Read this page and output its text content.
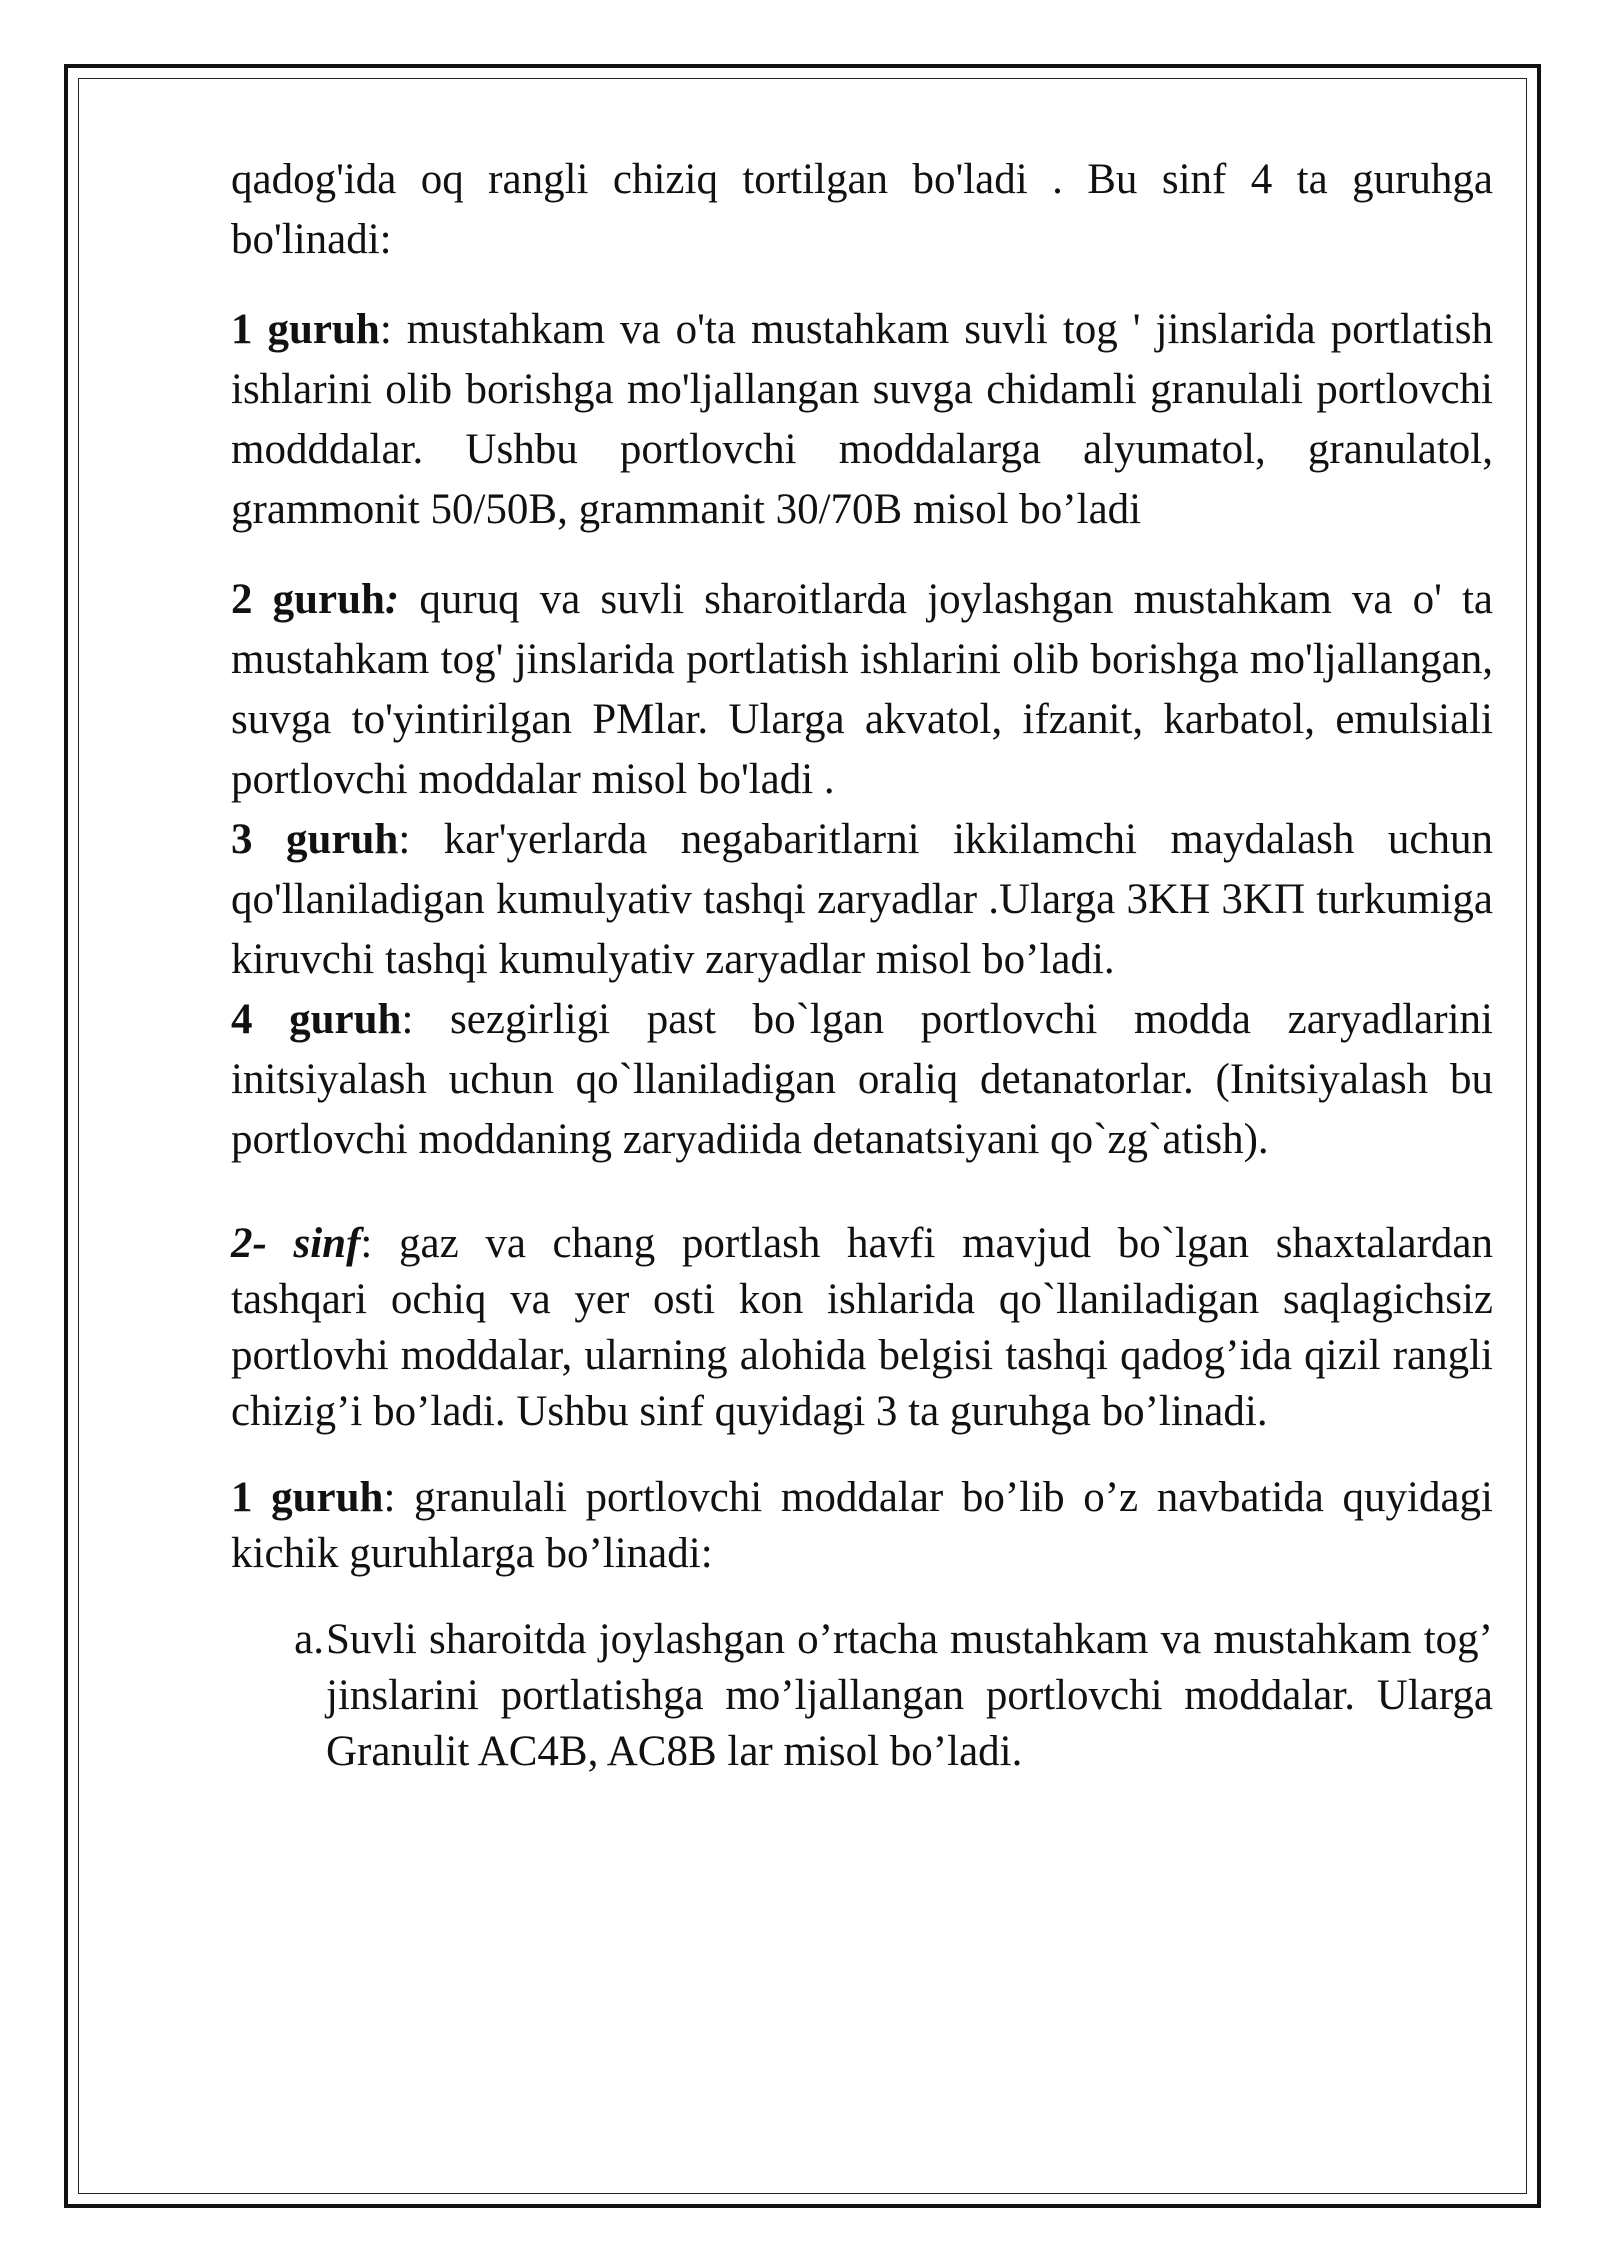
qadog'ida oq rangli chiziq tortilgan bo'ladi . Bu sinf 4 ta guruhga bo'linadi:

1 guruh: mustahkam va o'ta mustahkam suvli tog ' jinslarida portlatish ishlarini olib borishga mo'ljallangan suvga chidamli granulali portlovchi modddalar. Ushbu portlovchi moddalarga alyumatol, granulatol, grammonit 50/50B, grammanit 30/70B misol bo’ladi

2 guruh: quruq va suvli sharoitlarda joylashgan mustahkam va o' ta mustahkam tog' jinslarida portlatish ishlarini olib borishga mo'ljallangan, suvga to'yintirilgan PMlar. Ularga akvatol, ifzanit, karbatol, emulsiali portlovchi moddalar misol bo'ladi .

3 guruh: kar'yerlarda negabaritlarni ikkilamchi maydalash uchun qo'llaniladigan kumulyativ tashqi zaryadlar .Ularga 3KH 3KП turkumiga kiruvchi tashqi kumulyativ zaryadlar misol bo’ladi.

4 guruh: sezgirligi past bo`lgan portlovchi modda zaryadlarini initsiyalash uchun qo`llaniladigan oraliq detanatorlar. (Initsiyalash bu portlovchi moddaning zaryadiida detanatsiyani qo`zg`atish).

2- sinf: gaz va chang portlash havfi mavjud bo`lgan shaxtalardan tashqari ochiq va yer osti kon ishlarida qo`llaniladigan saqlagichsiz portlovhi moddalar, ularning alohida belgisi tashqi qadog’ida qizil rangli chizig’i bo’ladi. Ushbu sinf quyidagi 3 ta guruhga bo’linadi.

1 guruh: granulali portlovchi moddalar bo’lib o’z navbatida quyidagi kichik guruhlarga bo’linadi:

a. Suvli sharoitda joylashgan o’rtacha mustahkam va mustahkam tog’ jinslarini portlatishga mo’ljallangan portlovchi moddalar. Ularga Granulit AC4B, AC8B lar misol bo’ladi.
